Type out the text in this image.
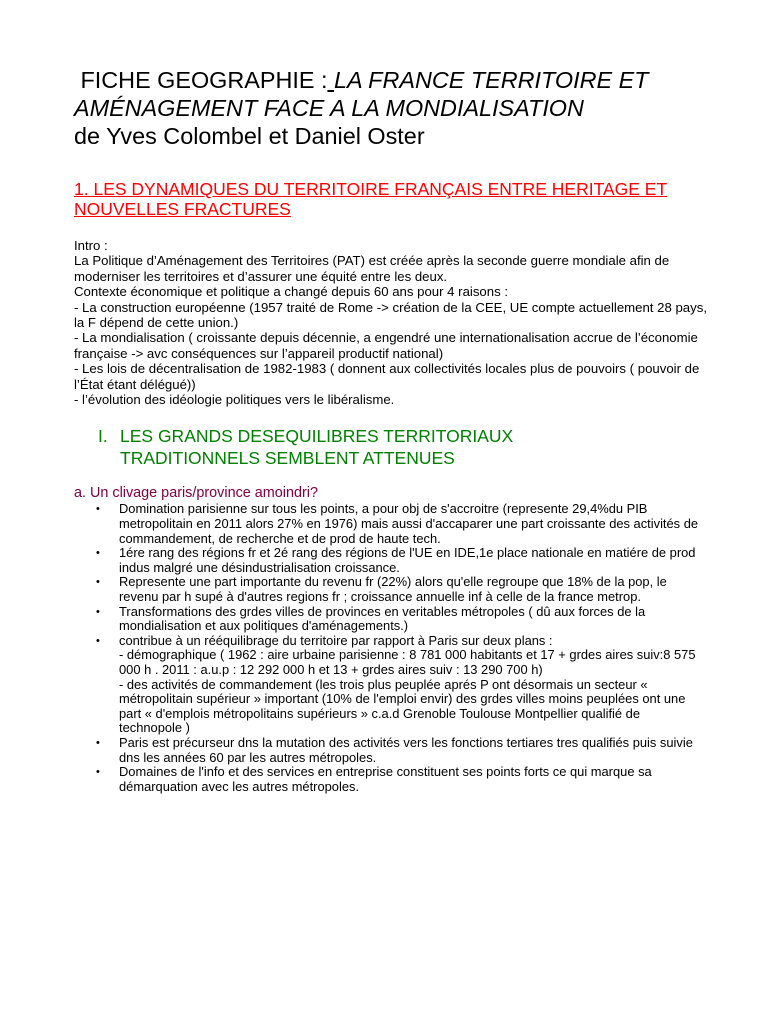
FICHE GEOGRAPHIE : LA FRANCE TERRITOIRE ET AMÉNAGEMENT FACE A LA MONDIALISATION
de Yves Colombel et Daniel Oster
1. LES DYNAMIQUES DU TERRITOIRE FRANÇAIS ENTRE HERITAGE ET NOUVELLES FRACTURES
Intro :
La Politique d’Aménagement des Territoires (PAT) est créée après la seconde guerre mondiale afin de moderniser les territoires et d’assurer une équité entre les deux.
Contexte économique et politique a changé depuis 60 ans pour 4 raisons :
- La construction européenne (1957 traité de Rome -> création de la CEE, UE compte actuellement 28 pays, la F dépend de cette union.)
- La mondialisation ( croissante depuis décennie, a engendré une internationalisation accrue de l’économie française -> avc conséquences sur l’appareil productif national)
- Les lois de décentralisation de 1982-1983 ( donnent aux collectivités locales plus de pouvoirs ( pouvoir de l’État étant délégué))
- l’évolution des idéologie politiques vers le libéralisme.
I. LES GRANDS DESEQUILIBRES TERRITORIAUX TRADITIONNELS SEMBLENT ATTENUES
a. Un clivage paris/province amoindri?
•	Domination parisienne sur tous les points, a pour obj de s'accroitre (represente 29,4%du PIB metropolitain en 2011 alors 27% en 1976) mais aussi d'accaparer une part croissante des activités de commandement, de recherche et de prod de haute tech.
•	1ére rang des régions fr et 2é rang des régions de l'UE en IDE,1e place nationale en matiére de prod indus malgré une désindustrialisation croissance.
•	Represente une part importante du revenu fr (22%) alors qu'elle regroupe que 18% de la pop, le revenu par h supé à d'autres regions fr ; croissance annuelle inf à celle de la france metrop.
•	Transformations des grdes villes de provinces en veritables métropoles ( dû aux forces de la mondialisation et aux politiques d'aménagements.)
•	contribue à un rééquilibrage du territoire par rapport à Paris sur deux plans :
- démographique ( 1962 : aire urbaine parisienne : 8 781 000 habitants et 17 + grdes aires suiv:8 575 000 h . 2011 : a.u.p : 12 292 000 h et 13 + grdes aires suiv : 13 290 700 h)
- des activités de commandement (les trois plus peuplée aprés P ont désormais un secteur « métropolitain supérieur » important (10% de l'emploi envir) des grdes villes moins peuplées ont une part « d'emplois métropolitains supérieurs » c.a.d Grenoble Toulouse Montpellier qualifié de technopole )
•	Paris est précurseur dns la mutation des activités vers les fonctions tertiares tres qualifiés puis suivie dns les années 60 par les autres métropoles.
•	Domaines de l'info et des services en entreprise constituent ses points forts ce qui marque sa démarquation avec les autres métropoles.
